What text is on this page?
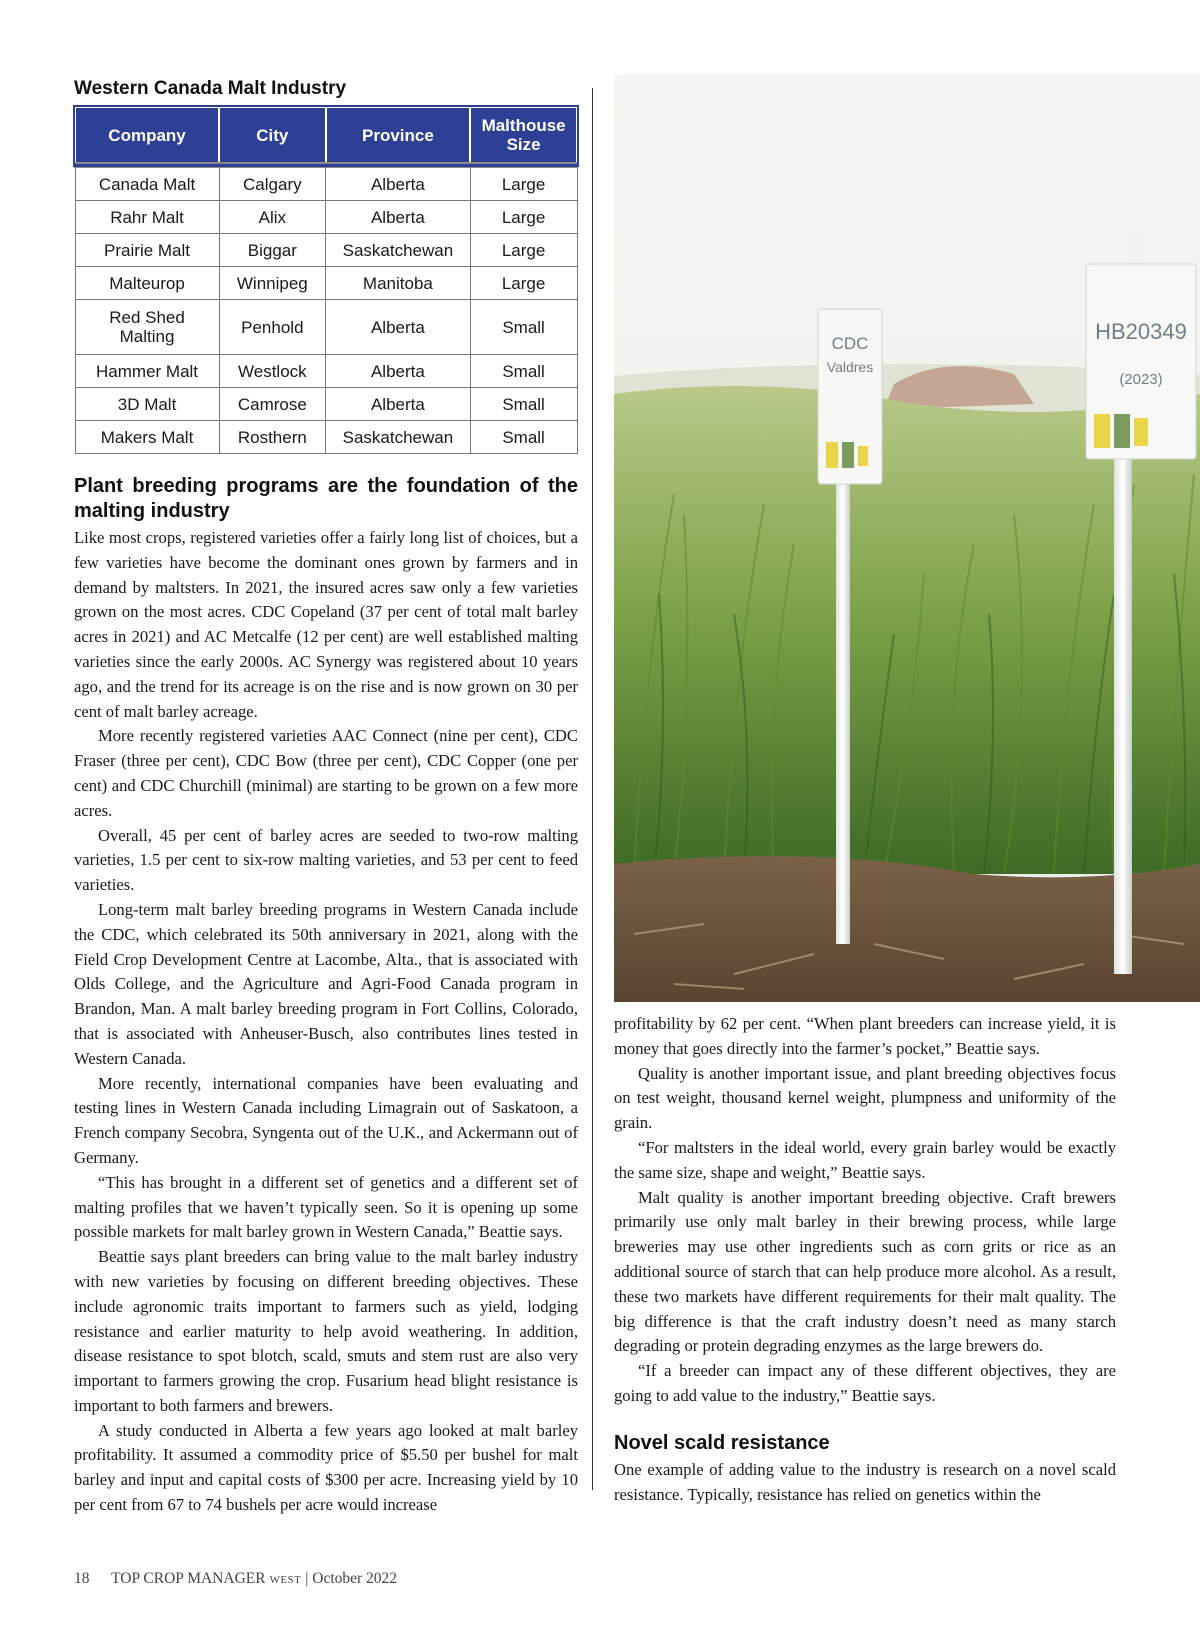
Western Canada Malt Industry
Company	City	Province	Malthouse Size
Canada Malt	Calgary	Alberta	Large
Rahr Malt	Alix	Alberta	Large
Prairie Malt	Biggar	Saskatchewan	Large
Malteurop	Winnipeg	Manitoba	Large
Red Shed Malting	Penhold	Alberta	Small
Hammer Malt	Westlock	Alberta	Small
3D Malt	Camrose	Alberta	Small
Makers Malt	Rosthern	Saskatchewan	Small
Plant breeding programs are the foundation of the malting industry

Like most crops, registered varieties offer a fairly long list of choices, but a few varieties have become the dominant ones grown by farmers and in demand by maltsters. In 2021, the insured acres saw only a few varieties grown on the most acres. CDC Copeland (37 per cent of total malt barley acres in 2021) and AC Metcalfe (12 per cent) are well established malting varieties since the early 2000s. AC Synergy was registered about 10 years ago, and the trend for its acreage is on the rise and is now grown on 30 per cent of malt barley acreage.

More recently registered varieties AAC Connect (nine per cent), CDC Fraser (three per cent), CDC Bow (three per cent), CDC Copper (one per cent) and CDC Churchill (minimal) are starting to be grown on a few more acres.

Overall, 45 per cent of barley acres are seeded to two-row malting varieties, 1.5 per cent to six-row malting varieties, and 53 per cent to feed varieties.

Long-term malt barley breeding programs in Western Canada include the CDC, which celebrated its 50th anniversary in 2021, along with the Field Crop Development Centre at Lacombe, Alta., that is associated with Olds College, and the Agriculture and Agri-Food Canada program in Brandon, Man. A malt barley breeding program in Fort Collins, Colorado, that is associated with Anheuser-Busch, also contributes lines tested in Western Canada.

More recently, international companies have been evaluating and testing lines in Western Canada including Limagrain out of Saskatoon, a French company Secobra, Syngenta out of the U.K., and Ackermann out of Germany.

“This has brought in a different set of genetics and a different set of malting profiles that we haven’t typically seen. So it is opening up some possible markets for malt barley grown in Western Canada,” Beattie says.

Beattie says plant breeders can bring value to the malt barley industry with new varieties by focusing on different breeding objectives. These include agronomic traits important to farmers such as yield, lodging resistance and earlier maturity to help avoid weathering. In addition, disease resistance to spot blotch, scald, smuts and stem rust are also very important to farmers growing the crop. Fusarium head blight resistance is important to both farmers and brewers.

A study conducted in Alberta a few years ago looked at malt barley profitability. It assumed a commodity price of $5.50 per bushel for malt barley and input and capital costs of $300 per acre. Increasing yield by 10 per cent from 67 to 74 bushels per acre would increase

CDC
Valdres
HB20349
(2023)

profitability by 62 per cent. “When plant breeders can increase yield, it is money that goes directly into the farmer’s pocket,” Beattie says.

Quality is another important issue, and plant breeding objectives focus on test weight, thousand kernel weight, plumpness and uniformity of the grain.

“For maltsters in the ideal world, every grain barley would be exactly the same size, shape and weight,” Beattie says.

Malt quality is another important breeding objective. Craft brewers primarily use only malt barley in their brewing process, while large breweries may use other ingredients such as corn grits or rice as an additional source of starch that can help produce more alcohol. As a result, these two markets have different requirements for their malt quality. The big difference is that the craft industry doesn’t need as many starch degrading or protein degrading enzymes as the large brewers do.

“If a breeder can impact any of these different objectives, they are going to add value to the industry,” Beattie says.

Novel scald resistance

One example of adding value to the industry is research on a novel scald resistance. Typically, resistance has relied on genetics within the

18 TOP CROP MANAGER WEST | October 2022
